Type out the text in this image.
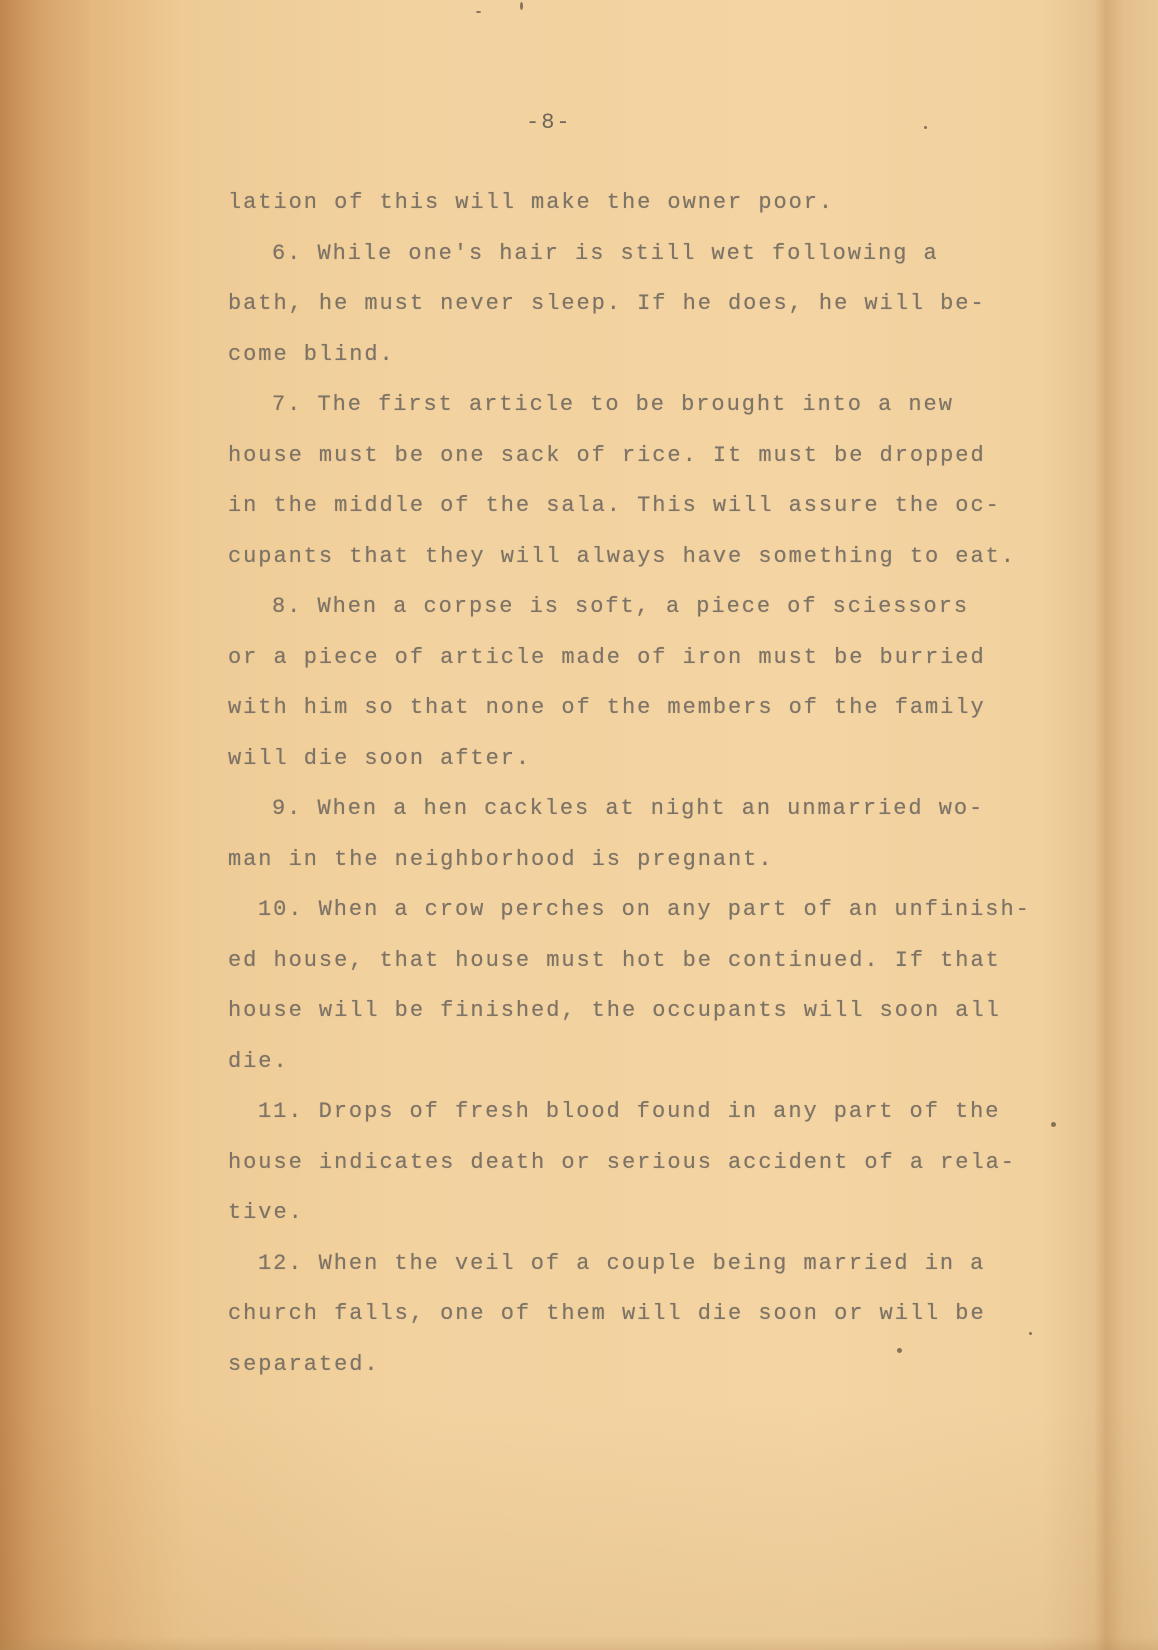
-8-
lation of this will make the owner poor.
6. While one's hair is still wet following a
bath, he must never sleep. If he does, he will be-
come blind.
7. The first article to be brought into a new
house must be one sack of rice. It must be dropped
in the middle of the sala. This will assure the oc-
cupants that they will always have something to eat.
8. When a corpse is soft, a piece of sciessors
or a piece of article made of iron must be burried
with him so that none of the members of the family
will die soon after.
9. When a hen cackles at night an unmarried wo-
man in the neighborhood is pregnant.
10. When a crow perches on any part of an unfinish-
ed house, that house must hot be continued. If that
house will be finished, the occupants will soon all
die.
11. Drops of fresh blood found in any part of the
house indicates death or serious accident of a rela-
tive.
12. When the veil of a couple being married in a
church falls, one of them will die soon or will be
separated.
